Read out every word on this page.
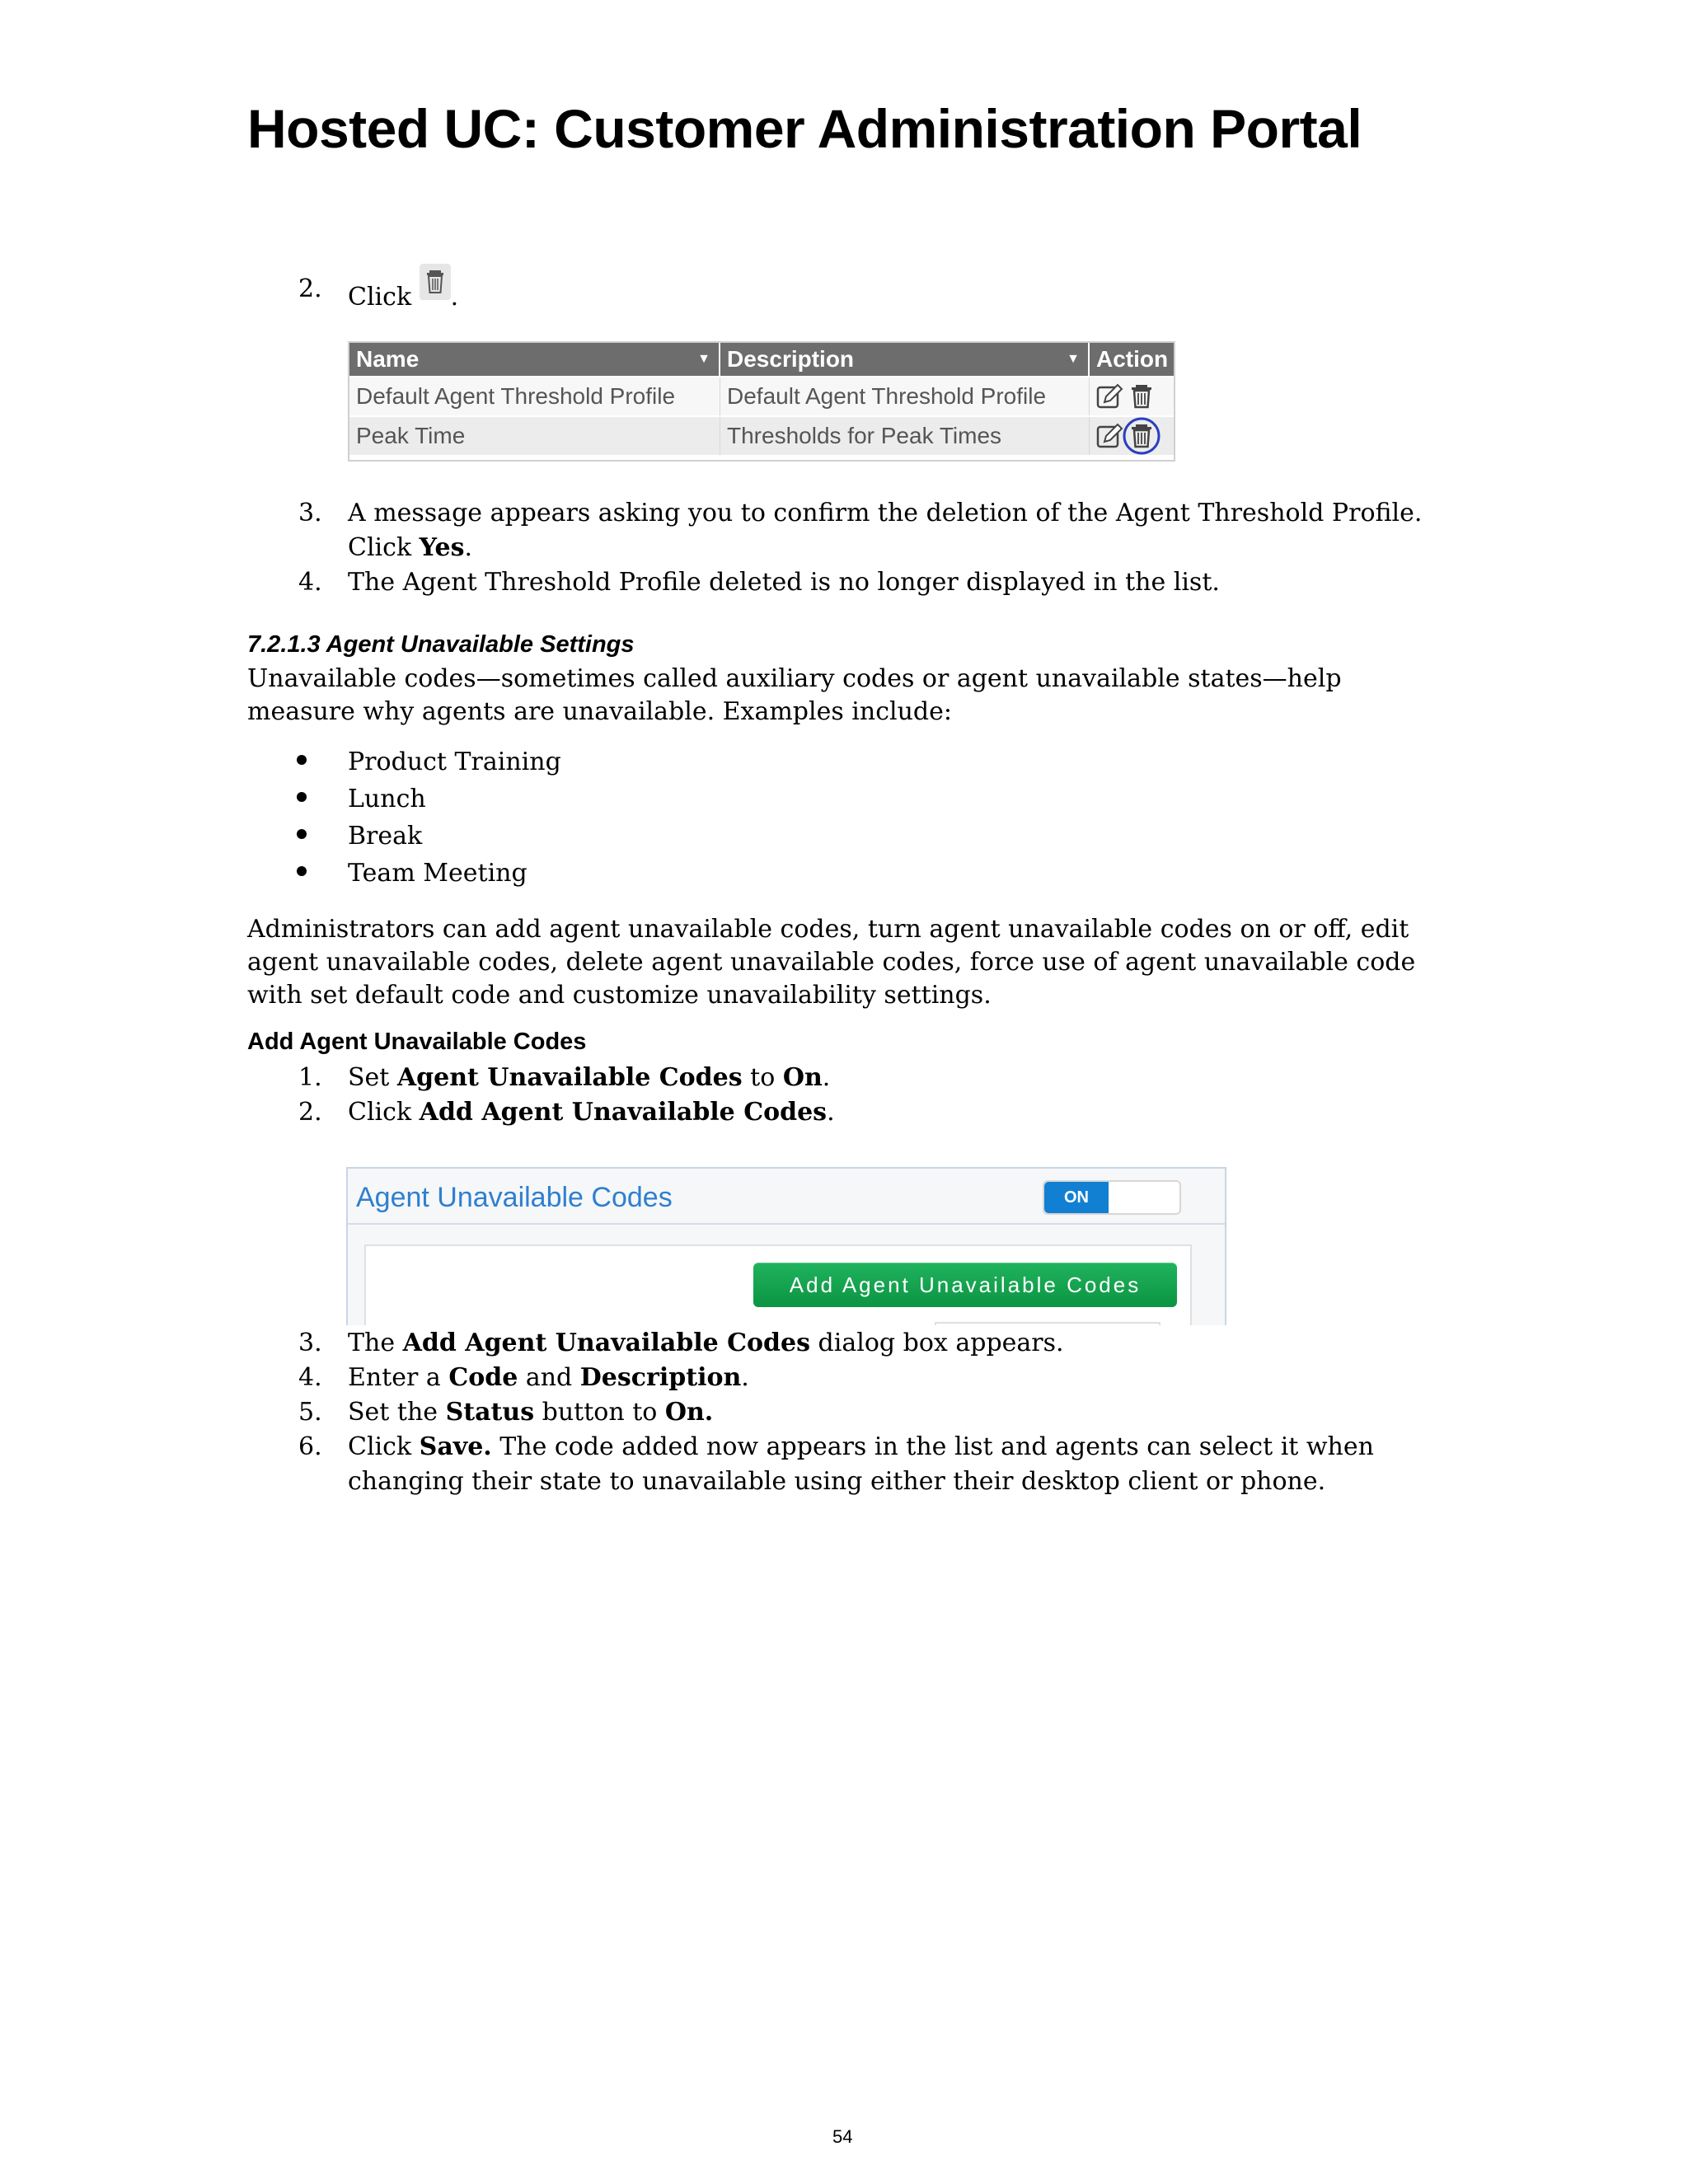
Hosted UC: Customer Administration Portal
2. Click .
Name	▼ Description	▼ Action
Default Agent Threshold Profile	Default Agent Threshold Profile
Peak Time	Thresholds for Peak Times
3. A message appears asking you to confirm the deletion of the Agent Threshold Profile. Click Yes.
4. The Agent Threshold Profile deleted is no longer displayed in the list.
7.2.1.3 Agent Unavailable Settings
Unavailable codes—sometimes called auxiliary codes or agent unavailable states—help measure why agents are unavailable. Examples include:
Product Training
Lunch
Break
Team Meeting
Administrators can add agent unavailable codes, turn agent unavailable codes on or off, edit agent unavailable codes, delete agent unavailable codes, force use of agent unavailable code with set default code and customize unavailability settings.
Add Agent Unavailable Codes
1. Set Agent Unavailable Codes to On.
2. Click Add Agent Unavailable Codes.
Agent Unavailable Codes	ON
Add Agent Unavailable Codes
3. The Add Agent Unavailable Codes dialog box appears.
4. Enter a Code and Description.
5. Set the Status button to On.
6. Click Save. The code added now appears in the list and agents can select it when changing their state to unavailable using either their desktop client or phone.
54
